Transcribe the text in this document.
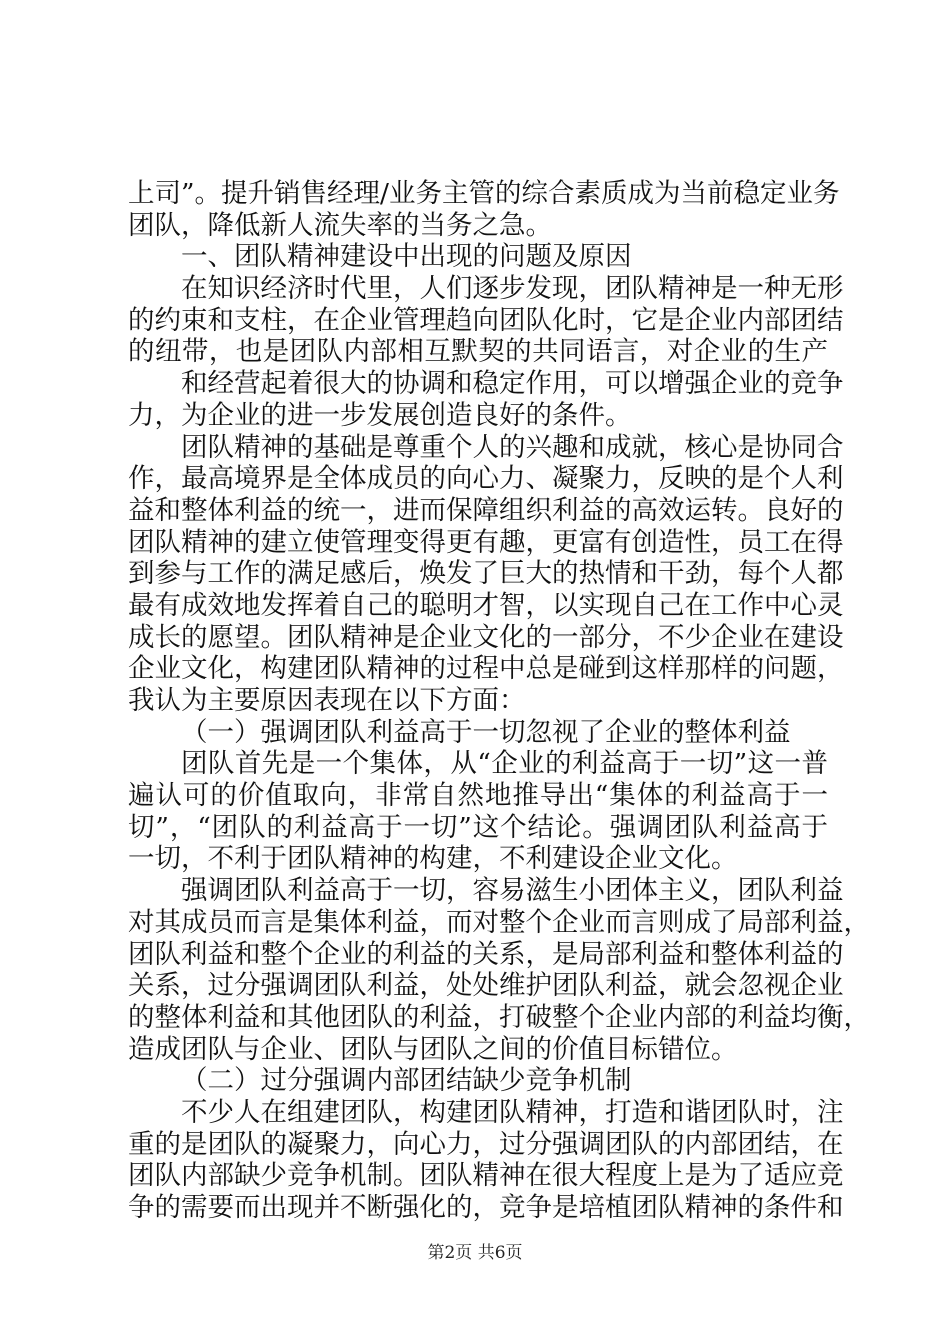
上司”。提升销售经理/业务主管的综合素质成为当前稳定业务
团队，降低新人流失率的当务之急。
一、团队精神建设中出现的问题及原因
在知识经济时代里，人们逐步发现，团队精神是一种无形
的约束和支柱，在企业管理趋向团队化时，它是企业内部团结
的纽带，也是团队内部相互默契的共同语言，对企业的生产
和经营起着很大的协调和稳定作用，可以增强企业的竞争
力，为企业的进一步发展创造良好的条件。
团队精神的基础是尊重个人的兴趣和成就，核心是协同合
作，最高境界是全体成员的向心力、凝聚力，反映的是个人利
益和整体利益的统一，进而保障组织利益的高效运转。良好的
团队精神的建立使管理变得更有趣，更富有创造性，员工在得
到参与工作的满足感后，焕发了巨大的热情和干劲，每个人都
最有成效地发挥着自己的聪明才智，以实现自己在工作中心灵
成长的愿望。团队精神是企业文化的一部分，不少企业在建设
企业文化，构建团队精神的过程中总是碰到这样那样的问题，
我认为主要原因表现在以下方面：
（一）强调团队利益高于一切忽视了企业的整体利益
团队首先是一个集体，从“企业的利益高于一切”这一普
遍认可的价值取向，非常自然地推导出“集体的利益高于一
切”，“团队的利益高于一切”这个结论。强调团队利益高于
一切，不利于团队精神的构建，不利建设企业文化。
强调团队利益高于一切，容易滋生小团体主义，团队利益
对其成员而言是集体利益，而对整个企业而言则成了局部利益，
团队利益和整个企业的利益的关系，是局部利益和整体利益的
关系，过分强调团队利益，处处维护团队利益，就会忽视企业
的整体利益和其他团队的利益，打破整个企业内部的利益均衡，
造成团队与企业、团队与团队之间的价值目标错位。
（二）过分强调内部团结缺少竞争机制
不少人在组建团队，构建团队精神，打造和谐团队时，注
重的是团队的凝聚力，向心力，过分强调团队的内部团结，在
团队内部缺少竞争机制。团队精神在很大程度上是为了适应竞
争的需要而出现并不断强化的，竞争是培植团队精神的条件和
第2页 共6页
